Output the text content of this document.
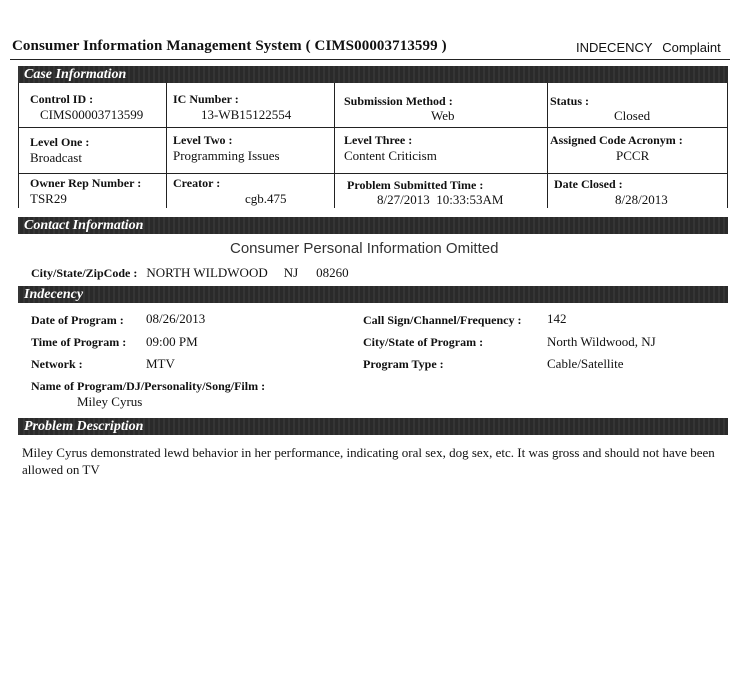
Consumer Information Management System ( CIMS00003713599 )	INDECENCY Complaint
Case Information
Control ID :
CIMS00003713599
IC Number :
13-WB15122554
Submission Method :
Web
Status :
Closed
Level One :
Broadcast
Level Two :
Programming Issues
Level Three :
Content Criticism
Assigned Code Acronym :
PCCR
Owner Rep Number :
TSR29
Creator :
cgb.475
Problem Submitted Time :
8/27/2013  10:33:53AM
Date Closed :
8/28/2013
Contact Information
Consumer Personal Information Omitted
City/State/ZipCode : NORTH WILDWOOD NJ 08260
Indecency
Date of Program : 08/26/2013
Time of Program : 09:00 PM
Network :	MTV
Call Sign/Channel/Frequency : 142
City/State of Program :	North Wildwood, NJ
Program Type :	Cable/Satellite
Name of Program/DJ/Personality/Song/Film :
Miley Cyrus
Problem Description
Miley Cyrus demonstrated lewd behavior in her performance, indicating oral sex, dog sex, etc. It was gross and should not have been allowed on TV
